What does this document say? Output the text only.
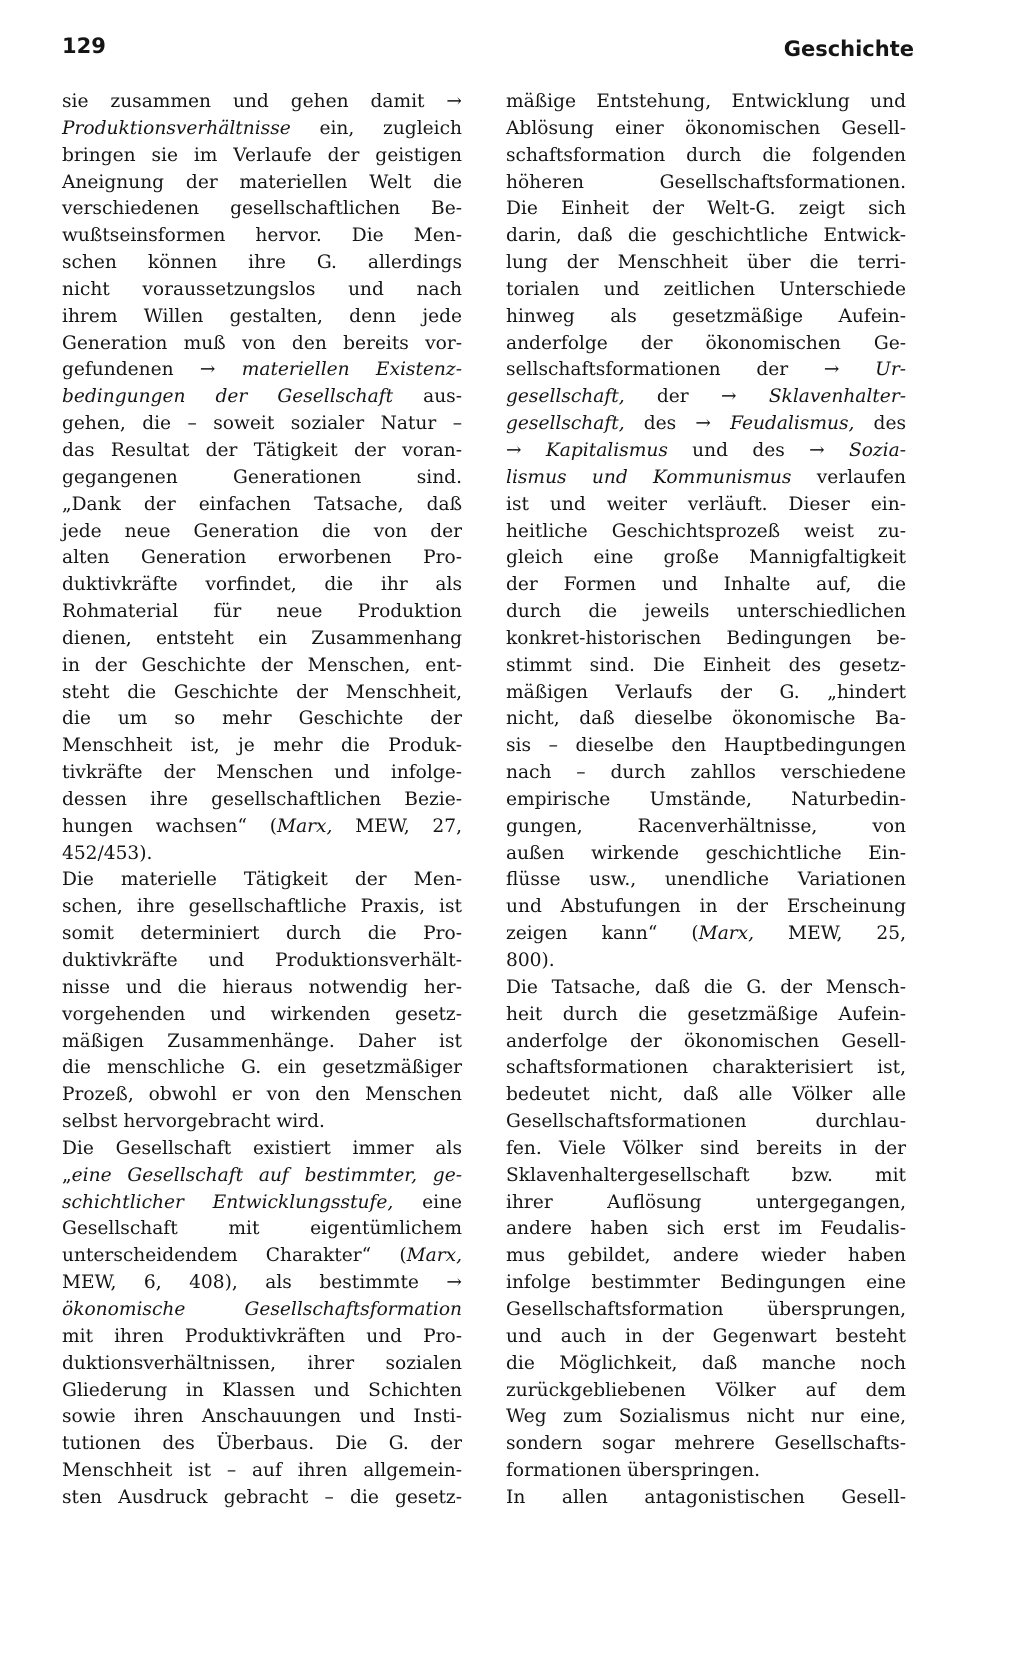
129	Geschichte
sie zusammen und gehen damit →
Produktionsverhältnisse ein, zugleich
bringen sie im Verlaufe der geistigen
Aneignung der materiellen Welt die
verschiedenen gesellschaftlichen Be-
wußtseinsformen hervor. Die Men-
schen können ihre G. allerdings
nicht voraussetzungslos und nach
ihrem Willen gestalten, denn jede
Generation muß von den bereits vor-
gefundenen → materiellen Existenz-
bedingungen der Gesellschaft aus-
gehen, die – soweit sozialer Natur –
das Resultat der Tätigkeit der voran-
gegangenen Generationen sind.
„Dank der einfachen Tatsache, daß
jede neue Generation die von der
alten Generation erworbenen Pro-
duktivkräfte vorfindet, die ihr als
Rohmaterial für neue Produktion
dienen, entsteht ein Zusammenhang
in der Geschichte der Menschen, ent-
steht die Geschichte der Menschheit,
die um so mehr Geschichte der
Menschheit ist, je mehr die Produk-
tivkräfte der Menschen und infolge-
dessen ihre gesellschaftlichen Bezie-
hungen wachsen“ (Marx, MEW, 27,
452/453).
Die materielle Tätigkeit der Men-
schen, ihre gesellschaftliche Praxis, ist
somit determiniert durch die Pro-
duktivkräfte und Produktionsverhält-
nisse und die hieraus notwendig her-
vorgehenden und wirkenden gesetz-
mäßigen Zusammenhänge. Daher ist
die menschliche G. ein gesetzmäßiger
Prozeß, obwohl er von den Menschen
selbst hervorgebracht wird.
Die Gesellschaft existiert immer als
„eine Gesellschaft auf bestimmter, ge-
schichtlicher Entwicklungsstufe, eine
Gesellschaft mit eigentümlichem
unterscheidendem Charakter“ (Marx,
MEW, 6, 408), als bestimmte →
ökonomische Gesellschaftsformation
mit ihren Produktivkräften und Pro-
duktionsverhältnissen, ihrer sozialen
Gliederung in Klassen und Schichten
sowie ihren Anschauungen und Insti-
tutionen des Überbaus. Die G. der
Menschheit ist – auf ihren allgemein-
sten Ausdruck gebracht – die gesetz-
mäßige Entstehung, Entwicklung und
Ablösung einer ökonomischen Gesell-
schaftsformation durch die folgenden
höheren Gesellschaftsformationen.
Die Einheit der Welt-G. zeigt sich
darin, daß die geschichtliche Entwick-
lung der Menschheit über die terri-
torialen und zeitlichen Unterschiede
hinweg als gesetzmäßige Aufein-
anderfolge der ökonomischen Ge-
sellschaftsformationen der → Ur-
gesellschaft, der → Sklavenhalter-
gesellschaft, des → Feudalismus, des
→ Kapitalismus und des → Sozia-
lismus und Kommunismus verlaufen
ist und weiter verläuft. Dieser ein-
heitliche Geschichtsprozeß weist zu-
gleich eine große Mannigfaltigkeit
der Formen und Inhalte auf, die
durch die jeweils unterschiedlichen
konkret-historischen Bedingungen be-
stimmt sind. Die Einheit des gesetz-
mäßigen Verlaufs der G. „hindert
nicht, daß dieselbe ökonomische Ba-
sis – dieselbe den Hauptbedingungen
nach – durch zahllos verschiedene
empirische Umstände, Naturbedin-
gungen, Racenverhältnisse, von
außen wirkende geschichtliche Ein-
flüsse usw., unendliche Variationen
und Abstufungen in der Erscheinung
zeigen kann“ (Marx, MEW, 25,
800).
Die Tatsache, daß die G. der Mensch-
heit durch die gesetzmäßige Aufein-
anderfolge der ökonomischen Gesell-
schaftsformationen charakterisiert ist,
bedeutet nicht, daß alle Völker alle
Gesellschaftsformationen durchlau-
fen. Viele Völker sind bereits in der
Sklavenhaltergesellschaft bzw. mit
ihrer Auflösung untergegangen,
andere haben sich erst im Feudalis-
mus gebildet, andere wieder haben
infolge bestimmter Bedingungen eine
Gesellschaftsformation übersprungen,
und auch in der Gegenwart besteht
die Möglichkeit, daß manche noch
zurückgebliebenen Völker auf dem
Weg zum Sozialismus nicht nur eine,
sondern sogar mehrere Gesellschafts-
formationen überspringen.
In allen antagonistischen Gesell-
